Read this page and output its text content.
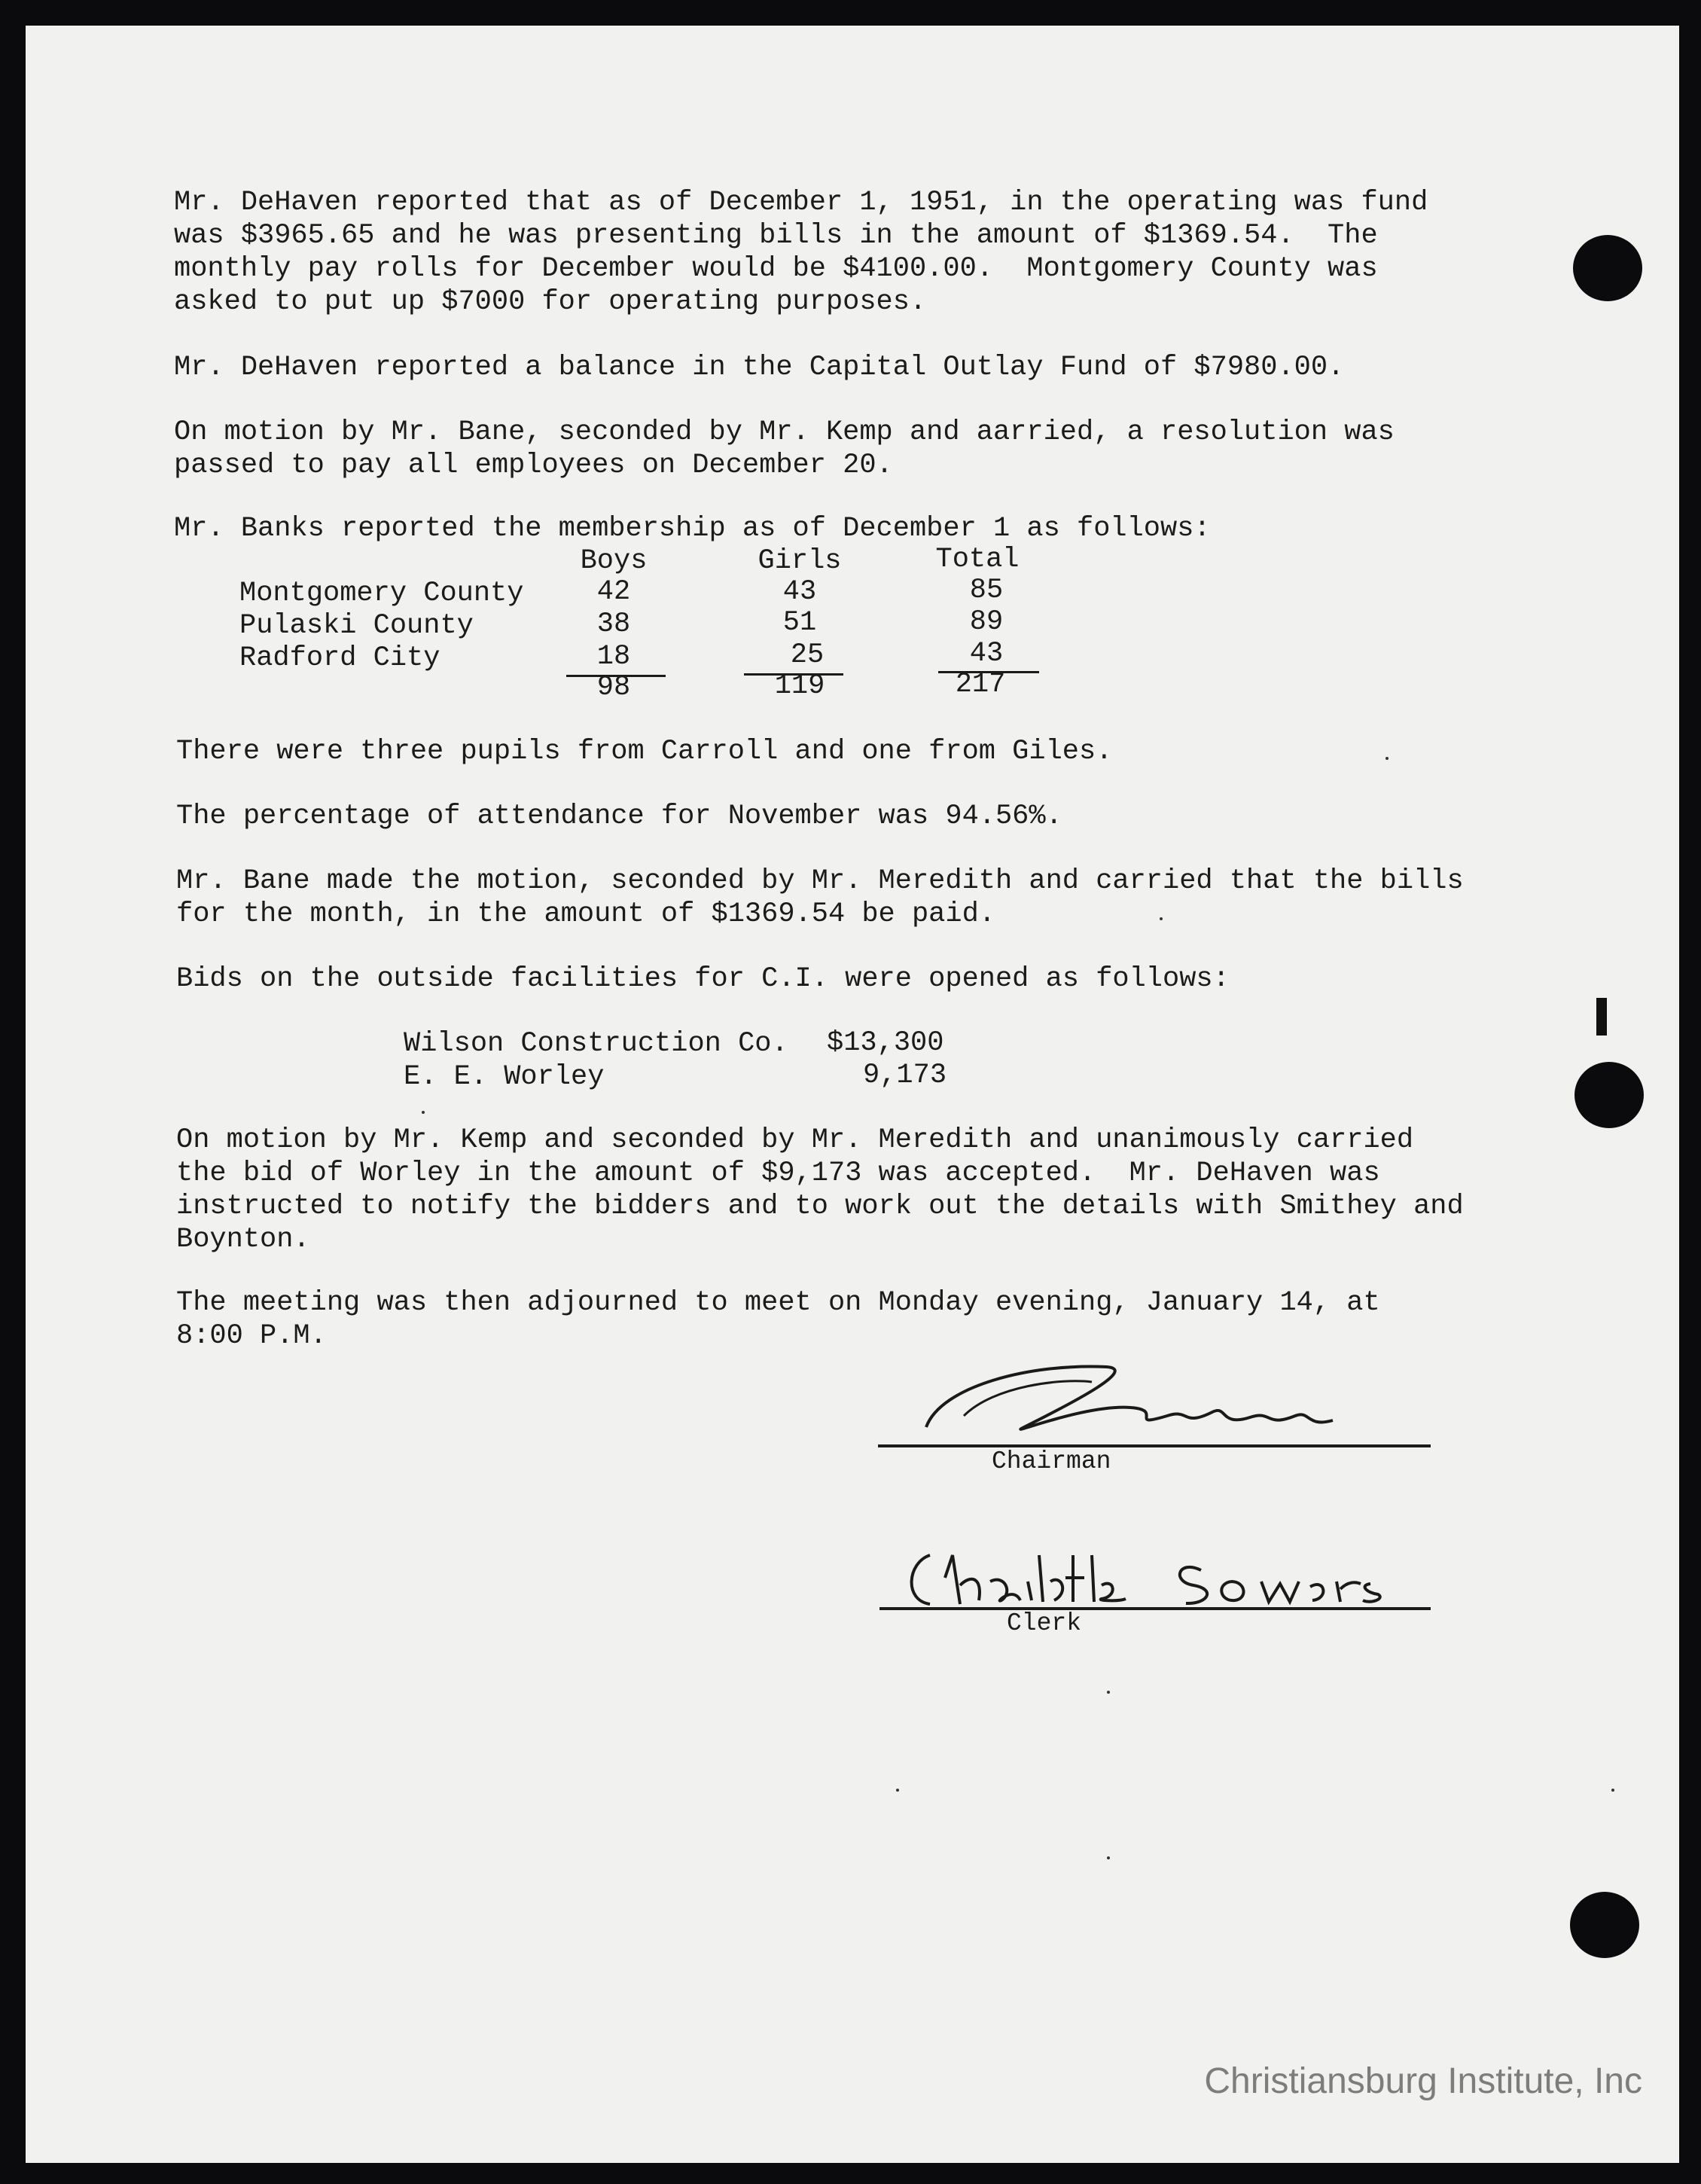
Mr. DeHaven reported that as of December 1, 1951, in the operating was fund
was $3965.65 and he was presenting bills in the amount of $1369.54.  The
monthly pay rolls for December would be $4100.00.  Montgomery County was
asked to put up $7000 for operating purposes.
Mr. DeHaven reported a balance in the Capital Outlay Fund of $7980.00.
On motion by Mr. Bane, seconded by Mr. Kemp and aarried, a resolution was
passed to pay all employees on December 20.
Mr. Banks reported the membership as of December 1 as follows:
Boys	Girls	Total
Montgomery County	42	43	85
Pulaski County	38	51	89
Radford City	18	25	43
98	119	217
There were three pupils from Carroll and one from Giles.
The percentage of attendance for November was 94.56%.
Mr. Bane made the motion, seconded by Mr. Meredith and carried that the bills
for the month, in the amount of $1369.54 be paid.
Bids on the outside facilities for C.I. were opened as follows:
Wilson Construction Co. $13,300
E. E. Worley	9,173
On motion by Mr. Kemp and seconded by Mr. Meredith and unanimously carried
the bid of Worley in the amount of $9,173 was accepted.  Mr. DeHaven was
instructed to notify the bidders and to work out the details with Smithey and
Boynton.
The meeting was then adjourned to meet on Monday evening, January 14, at
8:00 P.M.
Chairman
Clerk
Christiansburg Institute, Inc
